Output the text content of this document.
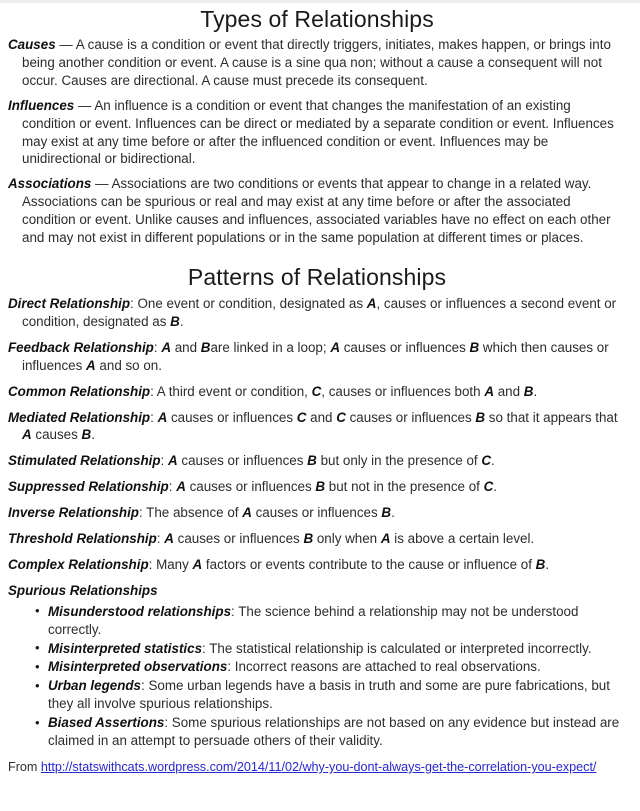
Types of Relationships

Causes — A cause is a condition or event that directly triggers, initiates, makes happen, or brings into being another condition or event. A cause is a sine qua non; without a cause a consequent will not occur. Causes are directional. A cause must precede its consequent.

Influences — An influence is a condition or event that changes the manifestation of an existing condition or event. Influences can be direct or mediated by a separate condition or event. Influences may exist at any time before or after the influenced condition or event. Influences may be unidirectional or bidirectional.

Associations — Associations are two conditions or events that appear to change in a related way. Associations can be spurious or real and may exist at any time before or after the associated condition or event. Unlike causes and influences, associated variables have no effect on each other and may not exist in different populations or in the same population at different times or places.

Patterns of Relationships

Direct Relationship: One event or condition, designated as A, causes or influences a second event or condition, designated as B.

Feedback Relationship: A and Bare linked in a loop; A causes or influences B which then causes or influences A and so on.

Common Relationship: A third event or condition, C, causes or influences both A and B.

Mediated Relationship: A causes or influences C and C causes or influences B so that it appears that A causes B.

Stimulated Relationship: A causes or influences B but only in the presence of C.

Suppressed Relationship: A causes or influences B but not in the presence of C.

Inverse Relationship: The absence of A causes or influences B.

Threshold Relationship: A causes or influences B only when A is above a certain level.

Complex Relationship: Many A factors or events contribute to the cause or influence of B.

Spurious Relationships

• Misunderstood relationships: The science behind a relationship may not be understood correctly.
• Misinterpreted statistics: The statistical relationship is calculated or interpreted incorrectly.
• Misinterpreted observations: Incorrect reasons are attached to real observations.
• Urban legends: Some urban legends have a basis in truth and some are pure fabrications, but they all involve spurious relationships.
• Biased Assertions: Some spurious relationships are not based on any evidence but instead are claimed in an attempt to persuade others of their validity.

From http://statswithcats.wordpress.com/2014/11/02/why-you-dont-always-get-the-correlation-you-expect/
